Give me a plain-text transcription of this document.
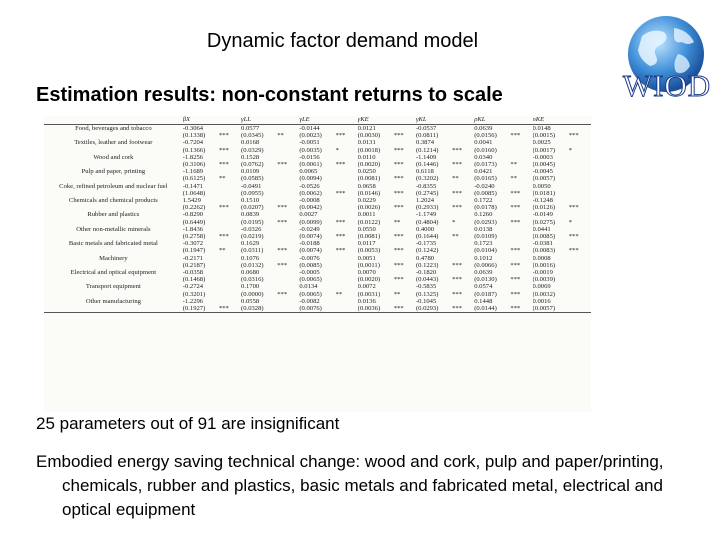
Dynamic factor demand model
Estimation results: non-constant returns to scale	WIOD
	βX		γLL		γLE		γKE		γKL		ρKL		ρKE	
Food, beverages and tobacco	-0.3064		0.0577		-0.0144		0.0121		-0.0537		0.0639		0.0148	
	(0.1338)	***	(0.0345)	**	(0.0023)	***	(0.0030)	***	(0.0811)		(0.0156)	***	(0.0015)	***
Textiles, leather and footwear	-0.7204		0.0168		-0.0051		0.0131		0.3874		0.0041		0.0025	
	(0.1366)	***	(0.0329)		(0.0035)	*	(0.0018)	***	(0.1214)	***	(0.0160)		(0.0017)	*
Wood and cork	-1.8256		0.1528		-0.0156		0.0110		-1.1409		0.0340		-0.0003	
	(0.3106)	***	(0.0762)	***	(0.0061)	***	(0.0020)	***	(0.1446)	***	(0.0173)	**	(0.0045)	
Pulp and paper, printing	-1.1689		0.0109		0.0065		0.0250		0.6118		0.0421		-0.0045	
	(0.6125)	**	(0.0585)		(0.0094)		(0.0081)	***	(0.3202)	**	(0.0165)	**	(0.0057)	
Coke, refined petroleum and nuclear fuel	-0.1471		-0.0491		-0.0526		0.0658		-0.8355		-0.0240		0.0050	
	(1.0648)		(0.0955)		(0.0062)	***	(0.0146)	***	(0.2745)	***	(0.0085)	***	(0.0181)	
Chemicals and chemical products	1.5429		0.1510		-0.0008		0.0229		1.2024		0.1722		-0.1248	
	(0.2262)	***	(0.0207)	***	(0.0042)		(0.0026)	***	(0.2933)	***	(0.0178)	***	(0.0126)	***
Rubber and plastics	-0.8290		0.0839		0.0027		0.0011		-1.1749		0.1260		-0.0149	
	(0.6449)		(0.0195)	***	(0.0099)	***	(0.0122)	**	(0.4804)	*	(0.0293)	***	(0.0275)	*
Other non-metallic minerals	-1.8436		-0.0326		-0.0249		0.0550		0.4000		0.0138		0.0441	
	(0.2758)	***	(0.0219)		(0.0074)	***	(0.0081)	***	(0.1644)	**	(0.0109)		(0.0085)	***
Basic metals and fabricated metal	-0.3072		0.1629		-0.0188		0.0117		-0.1735		0.1723		-0.0381	
	(0.1947)	**	(0.0311)	***	(0.0074)	***	(0.0053)	***	(0.1242)		(0.0104)	***	(0.0083)	***
Machinery	-0.2171		0.1076		-0.0076		0.0051		0.4780		0.1012		0.0008	
	(0.2187)		(0.0132)	***	(0.0085)		(0.0011)	***	(0.1223)	***	(0.0066)	***	(0.0016)	
Electrical and optical equipment	-0.0358		0.0680		-0.0005		0.0070		-0.1820		0.0639		-0.0019	
	(0.1468)		(0.0316)		(0.0065)		(0.0020)	***	(0.0443)	***	(0.0130)	***	(0.0039)	
Transport equipment	-0.2724		0.1700		0.0134		0.0072		-0.5835		0.0574		0.0069	
	(0.3201)		(0.0000)	***	(0.0065)	**	(0.0031)	**	(0.1325)	***	(0.0187)	***	(0.0032)	
Other manufacturing	-1.2296		0.0558		-0.0082		0.0136		-0.1045		0.1448		0.0016	
	(0.1927)	***	(0.0328)		(0.0076)		(0.0036)	***	(0.0293)	***	(0.0144)	***	(0.0057)	
25 parameters out of 91 are insignificant
Embodied energy saving technical change: wood and cork, pulp and paper/printing, chemicals, rubber and plastics, basic metals and fabricated metal, electrical and optical equipment
